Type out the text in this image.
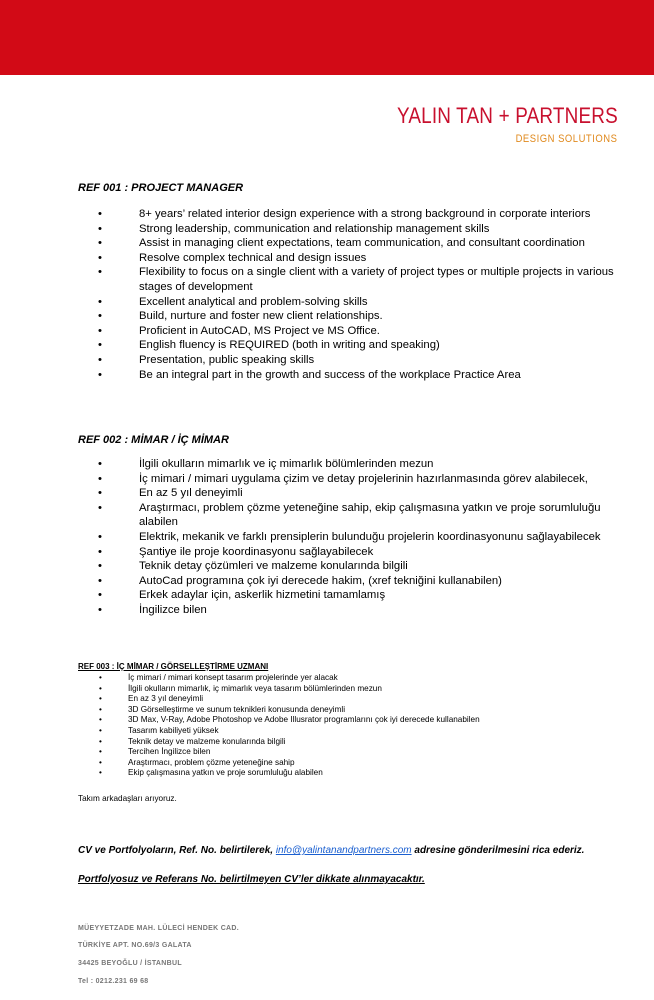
YALIN TAN + PARTNERS
DESIGN SOLUTIONS
REF 001 : PROJECT MANAGER
•	8+ years’ related interior design experience with a strong background in corporate interiors
•	Strong leadership, communication and relationship management skills
•	Assist in managing client expectations, team communication, and consultant coordination
•	Resolve complex technical and design issues
•	Flexibility to focus on a single client with a variety of project types or multiple projects in various stages of development
•	Excellent analytical and problem-solving skills
•	Build, nurture and foster new client relationships.
•	Proficient in AutoCAD, MS Project ve MS Office.
•	English fluency is REQUIRED (both in writing and speaking)
•	Presentation, public speaking skills
•	Be an integral part in the growth and success of the workplace Practice Area
REF 002 : MİMAR / İÇ MİMAR
•	İlgili okulların mimarlık ve iç mimarlık bölümlerinden mezun
•	İç mimari / mimari uygulama çizim ve detay projelerinin hazırlanmasında görev alabilecek,
•	En az 5 yıl deneyimli
•	Araştırmacı, problem çözme yeteneğine sahip, ekip çalışmasına yatkın ve proje sorumluluğu alabilen
•	Elektrik, mekanik ve farklı prensiplerin bulunduğu projelerin koordinasyonunu sağlayabilecek
•	Şantiye ile proje koordinasyonu sağlayabilecek
•	Teknik detay çözümleri ve malzeme konularında bilgili
•	AutoCad programına çok iyi derecede hakim, (xref tekniğini kullanabilen)
•	Erkek adaylar için, askerlik hizmetini tamamlamış
•	İngilizce bilen
REF 003 : İÇ MİMAR / GÖRSELLEŞTİRME UZMANI
•	İç mimari / mimari konsept tasarım projelerinde yer alacak
•	İlgili okulların mimarlık, iç mimarlık veya tasarım bölümlerinden mezun
•	En az 3 yıl deneyimli
•	3D Görselleştirme ve sunum teknikleri konusunda deneyimli
•	3D Max, V-Ray, Adobe Photoshop ve Adobe Illusrator programlarını çok iyi derecede kullanabilen
•	Tasarım kabiliyeti yüksek
•	Teknik detay ve malzeme konularında bilgili
•	Tercihen İngilizce bilen
•	Araştırmacı, problem çözme yeteneğine sahip
•	Ekip çalışmasına yatkın ve proje sorumluluğu alabilen
Takım arkadaşları arıyoruz.
CV ve Portfolyoların, Ref. No. belirtilerek, info@yalintanandpartners.com adresine gönderilmesini rica ederiz.
Portfolyosuz ve Referans No. belirtilmeyen CV’ler dikkate alınmayacaktır.
MÜEYYETZADE MAH. LÜLECİ HENDEK CAD.
TÜRKİYE APT. NO.69/3 GALATA
34425 BEYOĞLU / İSTANBUL
Tel : 0212.231 69 68
